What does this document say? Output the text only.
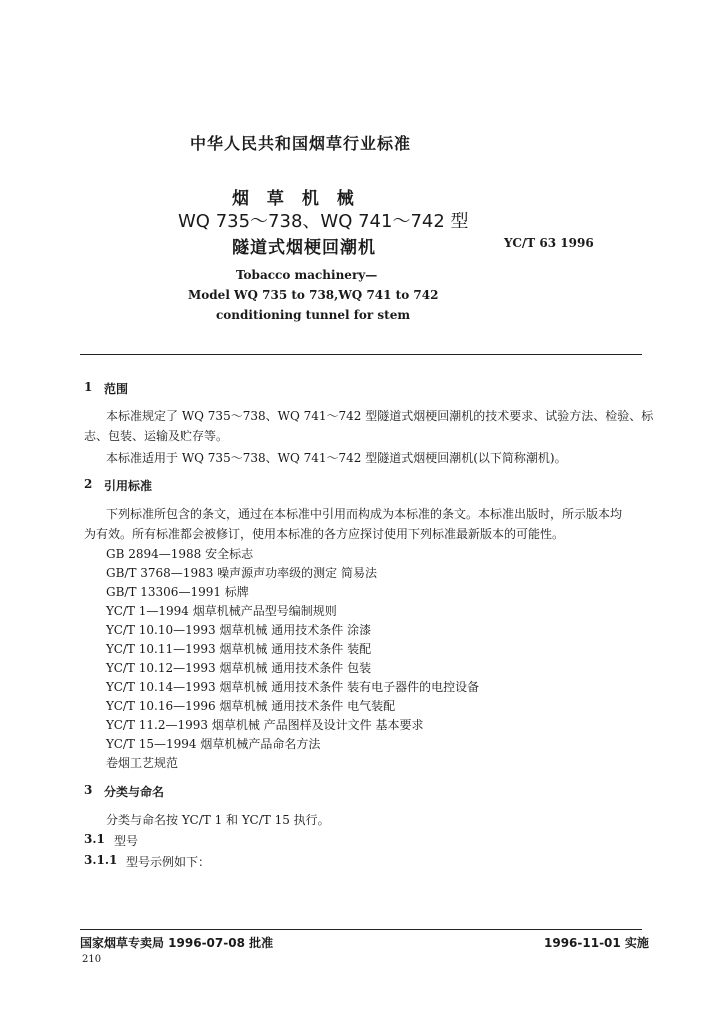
中华人民共和国烟草行业标准
烟 草 机 械
WQ 735～738、WQ 741～742 型
隧道式烟梗回潮机	YC/T 63 1996
Tobacco machinery—
Model WQ 735 to 738,WQ 741 to 742
conditioning tunnel for stem
1 范围
本标准规定了 WQ 735～738、WQ 741～742 型隧道式烟梗回潮机的技术要求、试验方法、检验、标
志、包装、运输及贮存等。
本标准适用于 WQ 735～738、WQ 741～742 型隧道式烟梗回潮机(以下简称潮机)。
2 引用标准
下列标准所包含的条文，通过在本标准中引用而构成为本标准的条文。本标准出版时，所示版本均
为有效。所有标准都会被修订，使用本标准的各方应探讨使用下列标准最新版本的可能性。
GB 2894—1988 安全标志
GB/T 3768—1983 噪声源声功率级的测定 简易法
GB/T 13306—1991 标牌
YC/T 1—1994 烟草机械产品型号编制规则
YC/T 10.10—1993 烟草机械 通用技术条件 涂漆
YC/T 10.11—1993 烟草机械 通用技术条件 装配
YC/T 10.12—1993 烟草机械 通用技术条件 包装
YC/T 10.14—1993 烟草机械 通用技术条件 装有电子器件的电控设备
YC/T 10.16—1996 烟草机械 通用技术条件 电气装配
YC/T 11.2—1993 烟草机械 产品图样及设计文件 基本要求
YC/T 15—1994 烟草机械产品命名方法
卷烟工艺规范
3 分类与命名
分类与命名按 YC/T 1 和 YC/T 15 执行。
3.1 型号
3.1.1 型号示例如下：
国家烟草专卖局 1996-07-08 批准	1996-11-01 实施
210
